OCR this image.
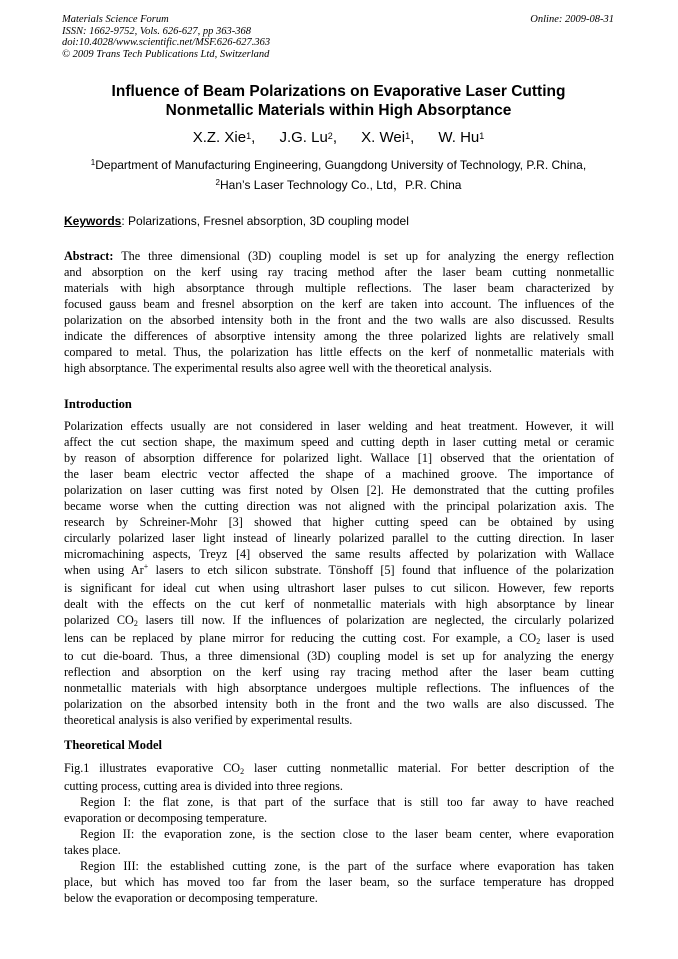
Materials Science Forum
ISSN: 1662-9752, Vols. 626-627, pp 363-368
doi:10.4028/www.scientific.net/MSF.626-627.363
© 2009 Trans Tech Publications Ltd, Switzerland
Online: 2009-08-31
Influence of Beam Polarizations on Evaporative Laser Cutting
Nonmetallic Materials within High Absorptance
X.Z. Xie$^1$, J.G. Lu$^2$, X. Wei$^1$, W. Hu$^1$
$^1$Department of Manufacturing Engineering, Guangdong University of Technology, P.R. China,
$^2$Han’s Laser Technology Co., Ltd，P.R. China
Keywords: Polarizations, Fresnel absorption, 3D coupling model
Abstract: The three dimensional (3D) coupling model is set up for analyzing the energy reflection
and absorption on the kerf using ray tracing method after the laser beam cutting nonmetallic
materials with high absorptance through multiple reflections. The laser beam characterized by
focused gauss beam and fresnel absorption on the kerf are taken into account. The influences of the
polarization on the absorbed intensity both in the front and the two walls are also discussed. Results
indicate the differences of absorptive intensity among the three polarized lights are relatively small
compared to metal. Thus, the polarization has little effects on the kerf of nonmetallic materials with
high absorptance. The experimental results also agree well with the theoretical analysis.
Introduction
Polarization effects usually are not considered in laser welding and heat treatment. However, it will
affect the cut section shape, the maximum speed and cutting depth in laser cutting metal or ceramic
by reason of absorption difference for polarized light. Wallace [1] observed that the orientation of
the laser beam electric vector affected the shape of a machined groove. The importance of
polarization on laser cutting was first noted by Olsen [2]. He demonstrated that the cutting profiles
became worse when the cutting direction was not aligned with the principal polarization axis. The
research by Schreiner-Mohr [3] showed that higher cutting speed can be obtained by using
circularly polarized laser light instead of linearly polarized parallel to the cutting direction. In laser
micromachining aspects, Treyz [4] observed the same results affected by polarization with Wallace
when using Ar+ lasers to etch silicon substrate. Tönshoff [5] found that influence of the polarization
is significant for ideal cut when using ultrashort laser pulses to cut silicon. However, few reports
dealt with the effects on the cut kerf of nonmetallic materials with high absorptance by linear
polarized $CO_2$ lasers till now. If the influences of polarization are neglected, the circularly polarized
lens can be replaced by plane mirror for reducing the cutting cost. For example, a $CO_2$ laser is used
to cut die-board. Thus, a three dimensional (3D) coupling model is set up for analyzing the energy
reflection and absorption on the kerf using ray tracing method after the laser beam cutting
nonmetallic materials with high absorptance undergoes multiple reflections. The influences of the
polarization on the absorbed intensity both in the front and the two walls are also discussed. The
theoretical analysis is also verified by experimental results.
Theoretical Model
Fig.1 illustrates evaporative $CO_2$ laser cutting nonmetallic material. For better description of the
cutting process, cutting area is divided into three regions.
Region I: the flat zone, is that part of the surface that is still too far away to have reached
evaporation or decomposing temperature.
Region II: the evaporation zone, is the section close to the laser beam center, where evaporation
takes place.
Region III: the established cutting zone, is the part of the surface where evaporation has taken
place, but which has moved too far from the laser beam, so the surface temperature has dropped
below the evaporation or decomposing temperature.
